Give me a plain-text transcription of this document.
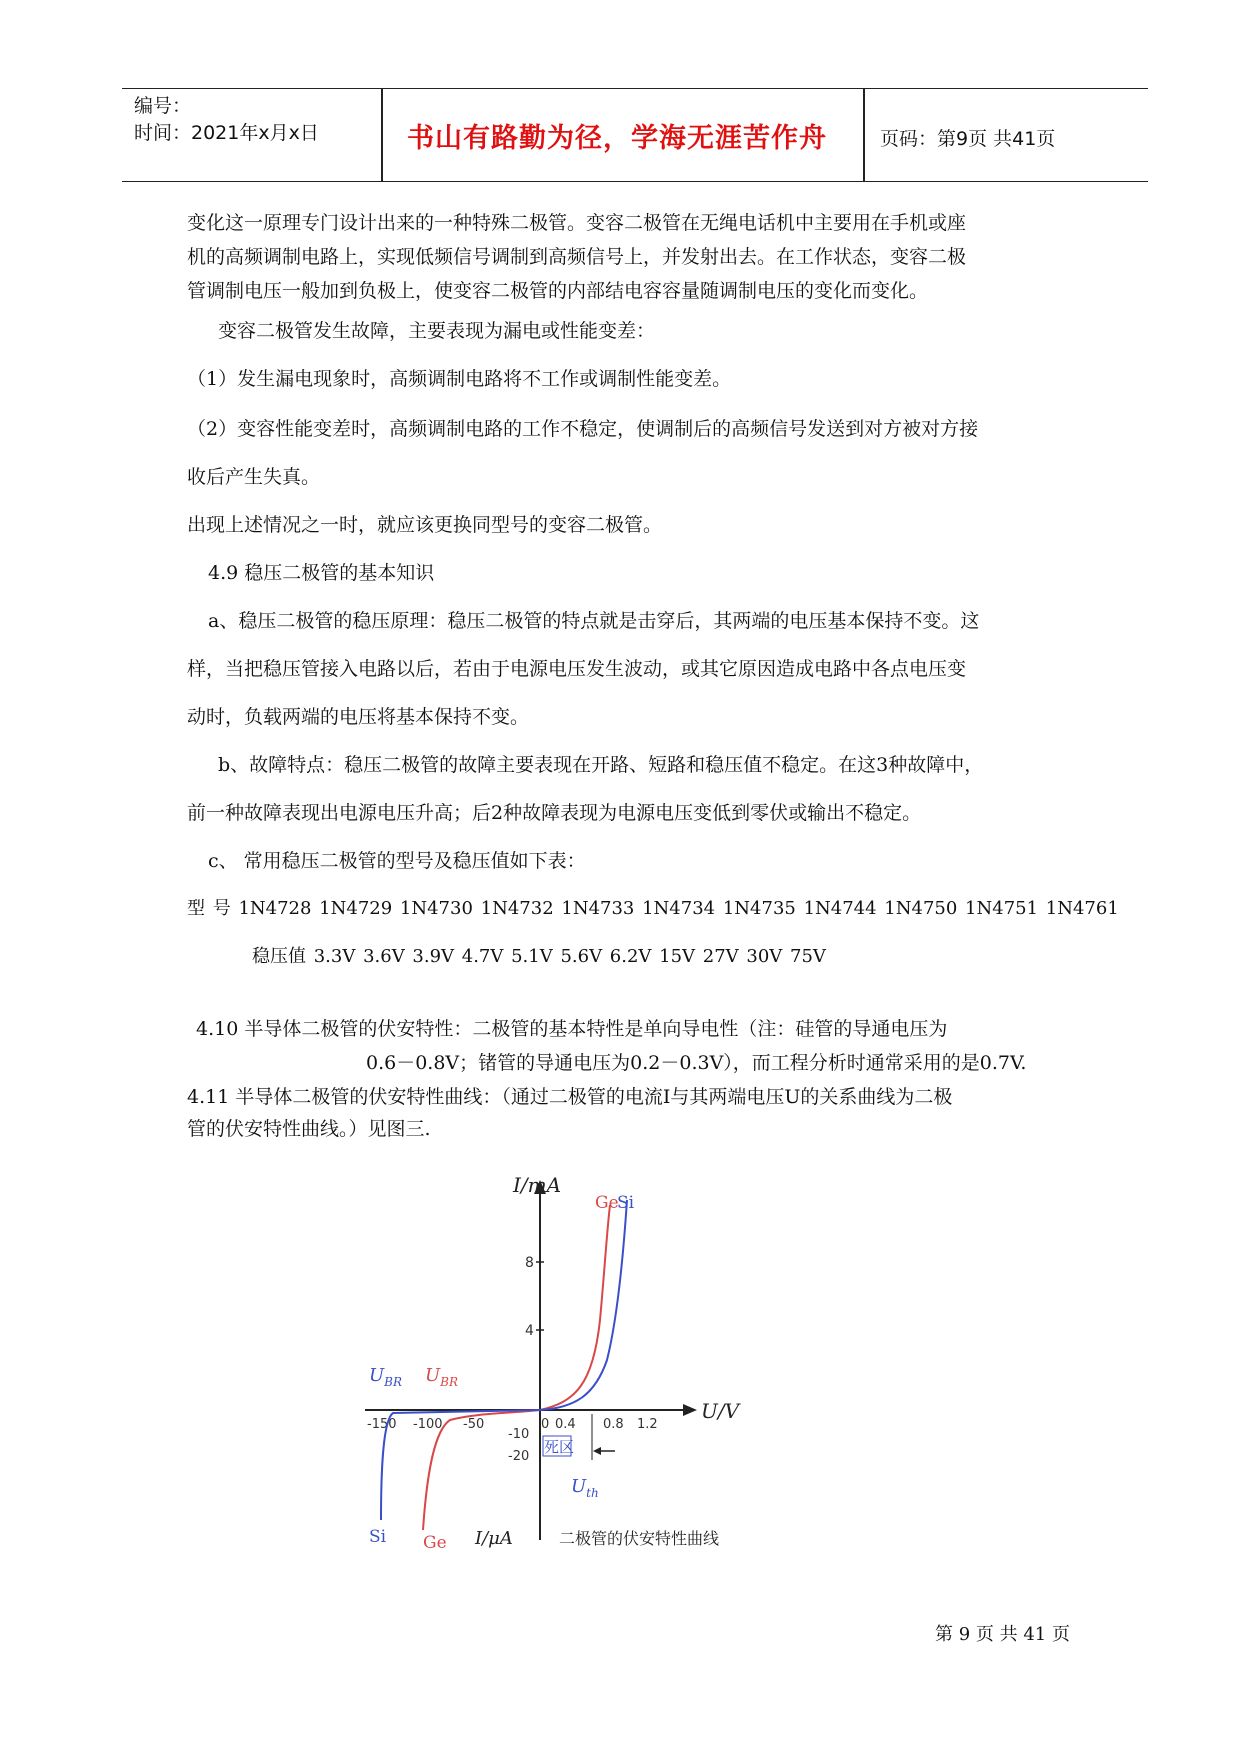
编号：
时间：2021年x月x日	书山有路勤为径，学海无涯苦作舟	页码：第9页 共41页
变化这一原理专门设计出来的一种特殊二极管。变容二极管在无绳电话机中主要用在手机或座
机的高频调制电路上，实现低频信号调制到高频信号上，并发射出去。在工作状态，变容二极
管调制电压一般加到负极上，使变容二极管的内部结电容容量随调制电压的变化而变化。
变容二极管发生故障，主要表现为漏电或性能变差：
（1）发生漏电现象时，高频调制电路将不工作或调制性能变差。
（2）变容性能变差时，高频调制电路的工作不稳定，使调制后的高频信号发送到对方被对方接
收后产生失真。
出现上述情况之一时，就应该更换同型号的变容二极管。
4.9 稳压二极管的基本知识
a、稳压二极管的稳压原理：稳压二极管的特点就是击穿后，其两端的电压基本保持不变。这
样，当把稳压管接入电路以后，若由于电源电压发生波动，或其它原因造成电路中各点电压变
动时，负载两端的电压将基本保持不变。
b、故障特点：稳压二极管的故障主要表现在开路、短路和稳压值不稳定。在这3种故障中，
前一种故障表现出电源电压升高；后2种故障表现为电源电压变低到零伏或输出不稳定。
c、 常用稳压二极管的型号及稳压值如下表：
型 号 1N4728 1N4729 1N4730 1N4732 1N4733 1N4734 1N4735 1N4744 1N4750 1N4751 1N4761
稳压值 3.3V 3.6V 3.9V 4.7V 5.1V 5.6V 6.2V 15V 27V 30V 75V
4.10 半导体二极管的伏安特性：二极管的基本特性是单向导电性（注：硅管的导通电压为
0.6－0.8V；锗管的导通电压为0.2－0.3V），而工程分析时通常采用的是0.7V.
4.11 半导体二极管的伏安特性曲线：（通过二极管的电流I与其两端电压U的关系曲线为二极
管的伏安特性曲线。）见图三.
8
4
-10
-20
-150 -100 -50	0 0.4 0.8 1.2
I/mA
U/V
I/μA
死区
Ge
Si
Si Ge
$U_{BR}$ $U_{BR}$
$U_{th}$
二极管的伏安特性曲线
第 9 页 共 41 页
